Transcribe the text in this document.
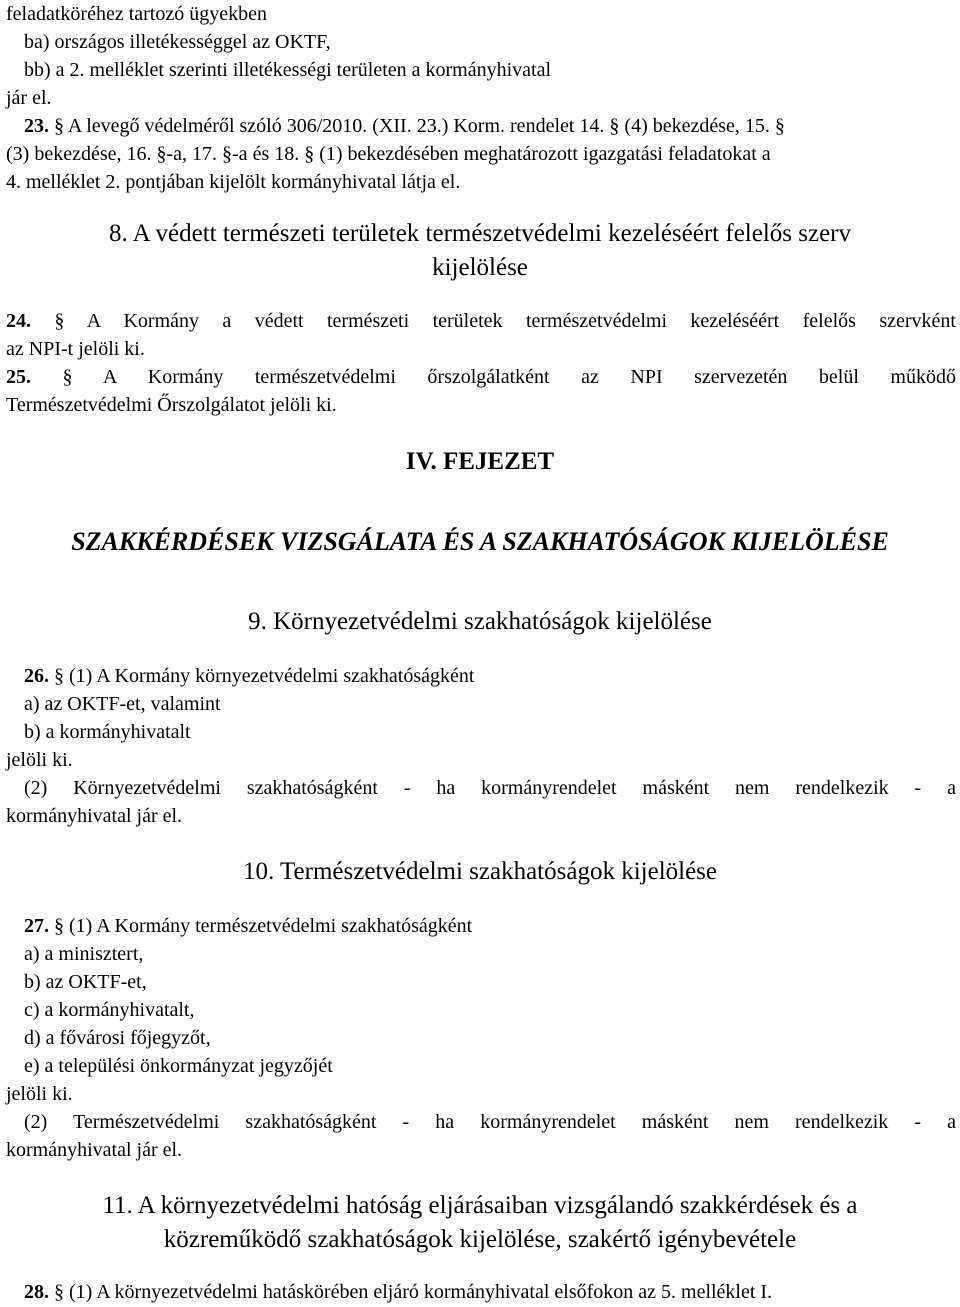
feladatköréhez tartozó ügyekben
ba) országos illetékességgel az OKTF,
bb) a 2. melléklet szerinti illetékességi területen a kormányhivatal
jár el.
23. § A levegő védelméről szóló 306/2010. (XII. 23.) Korm. rendelet 14. § (4) bekezdése, 15. §
(3) bekezdése, 16. §-a, 17. §-a és 18. § (1) bekezdésében meghatározott igazgatási feladatokat a
4. melléklet 2. pontjában kijelölt kormányhivatal látja el.
8. A védett természeti területek természetvédelmi kezeléséért felelős szerv
kijelölése
24. § A Kormány a védett természeti területek természetvédelmi kezeléséért felelős szervként
az NPI-t jelöli ki.
25. § A Kormány természetvédelmi őrszolgálatként az NPI szervezetén belül működő
Természetvédelmi Őrszolgálatot jelöli ki.
IV. FEJEZET
SZAKKÉRDÉSEK VIZSGÁLATA ÉS A SZAKHATÓSÁGOK KIJELÖLÉSE
9. Környezetvédelmi szakhatóságok kijelölése
26. § (1) A Kormány környezetvédelmi szakhatóságként
a) az OKTF-et, valamint
b) a kormányhivatalt
jelöli ki.
(2) Környezetvédelmi szakhatóságként - ha kormányrendelet másként nem rendelkezik - a
kormányhivatal jár el.
10. Természetvédelmi szakhatóságok kijelölése
27. § (1) A Kormány természetvédelmi szakhatóságként
a) a minisztert,
b) az OKTF-et,
c) a kormányhivatalt,
d) a fővárosi főjegyzőt,
e) a települési önkormányzat jegyzőjét
jelöli ki.
(2) Természetvédelmi szakhatóságként - ha kormányrendelet másként nem rendelkezik - a
kormányhivatal jár el.
11. A környezetvédelmi hatóság eljárásaiban vizsgálandó szakkérdések és a
közreműködő szakhatóságok kijelölése, szakértő igénybevétele
28. § (1) A környezetvédelmi hatáskörében eljáró kormányhivatal elsőfokon az 5. melléklet I.
